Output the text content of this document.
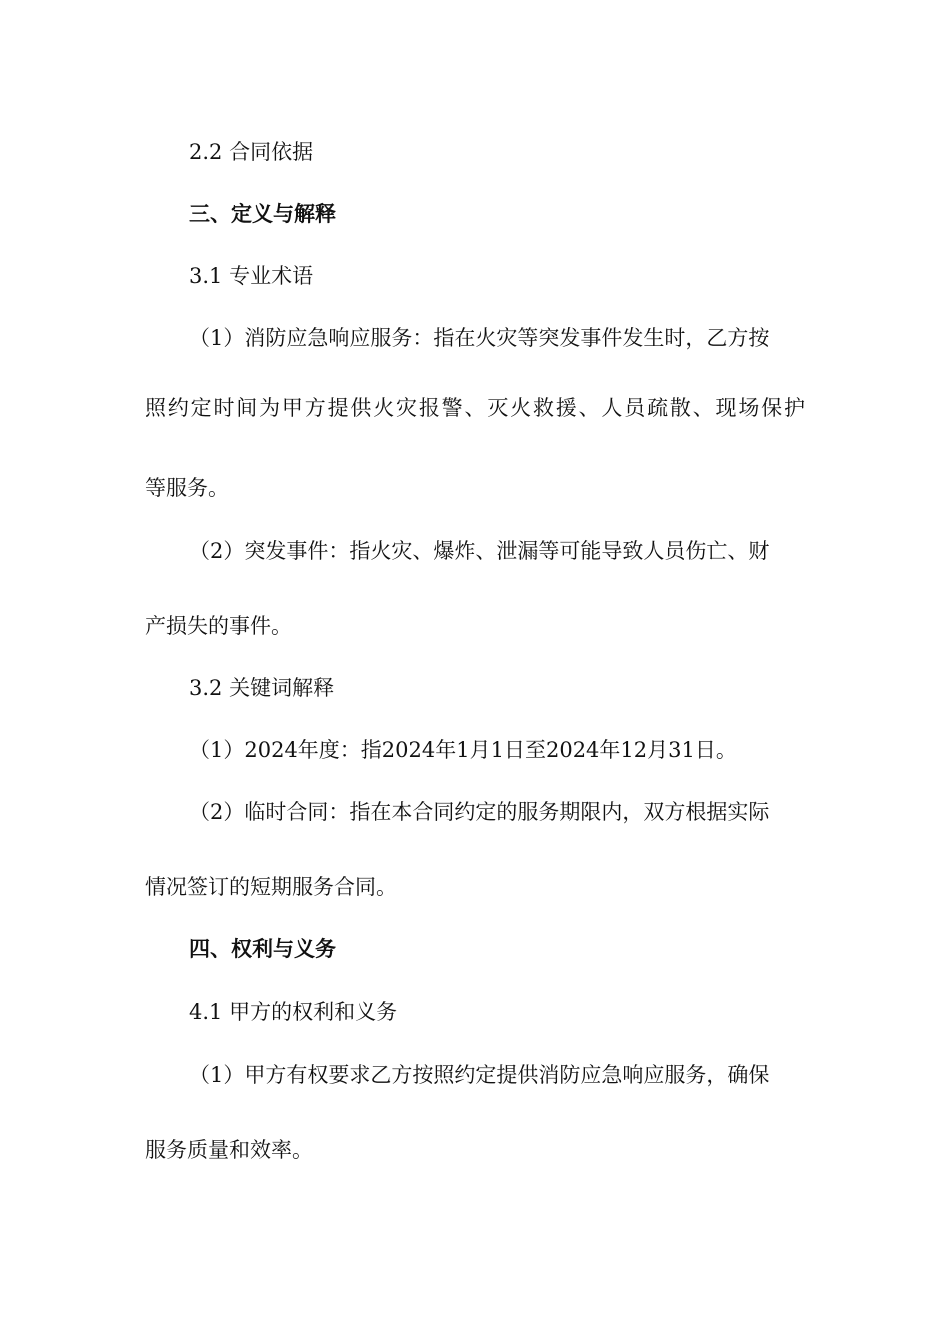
2.2 合同依据
三、定义与解释
3.1 专业术语
（1）消防应急响应服务：指在火灾等突发事件发生时，乙方按
照约定时间为甲方提供火灾报警、灭火救援、人员疏散、现场保护
等服务。
（2）突发事件：指火灾、爆炸、泄漏等可能导致人员伤亡、财
产损失的事件。
3.2 关键词解释
（1）2024年度：指2024年1月1日至2024年12月31日。
（2）临时合同：指在本合同约定的服务期限内，双方根据实际
情况签订的短期服务合同。
四、权利与义务
4.1 甲方的权利和义务
（1）甲方有权要求乙方按照约定提供消防应急响应服务，确保
服务质量和效率。
